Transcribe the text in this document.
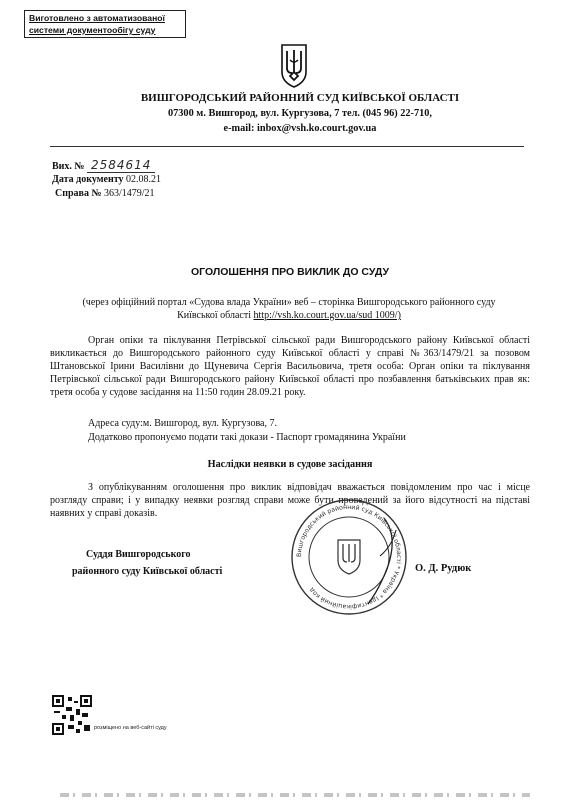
Виготовлено з автоматизованої
системи документообігу суду
ВИШГОРОДСЬКИЙ РАЙОННИЙ СУД КИЇВСЬКОЇ ОБЛАСТІ
07300 м. Вишгород, вул. Кургузова, 7 тел. (045 96) 22-710,
e-mail: inbox@vsh.ko.court.gov.ua
Вих. № 2584614
Дата документу 02.08.21
Справа № 363/1479/21
ОГОЛОШЕННЯ ПРО ВИКЛИК ДО СУДУ
(через офіційний портал «Судова влада України» веб – сторінка Вишгородського районного суду
Київської області http://vsh.ko.court.gov.ua/sud 1009/)
Орган опіки та піклування Петрівської сільської ради Вишгородського району Київської області викликається до Вишгородського районного суду Київської області у справі №363/1479/21 за позовом Штановської Ірини Василівни до Щуневича Сергія Васильовича, третя особа: Орган опіки та піклування Петрівської сільської ради Вишгородського району Київської області про позбавлення батьківських прав як: третя особа у судове засідання на 11:50 годин 28.09.21 року.
Адреса суду:м. Вишгород, вул. Кургузова, 7.
Додатково пропонуємо подати такі докази - Паспорт громадянина України
Наслідки неявки в судове засідання
З опублікуванням оголошення про виклик відповідач вважається повідомленим про час і місце розгляду справи; і у випадку неявки розгляд справи може бути проведений за його відсутності на підставі наявних у справі доказів.
Вишгородський районний суд Київської області * Україна * Ідентифікаційний код
Суддя Вишгородського
районного суду Київської області	О. Д. Рудюк
розміщено на веб-сайті суду
